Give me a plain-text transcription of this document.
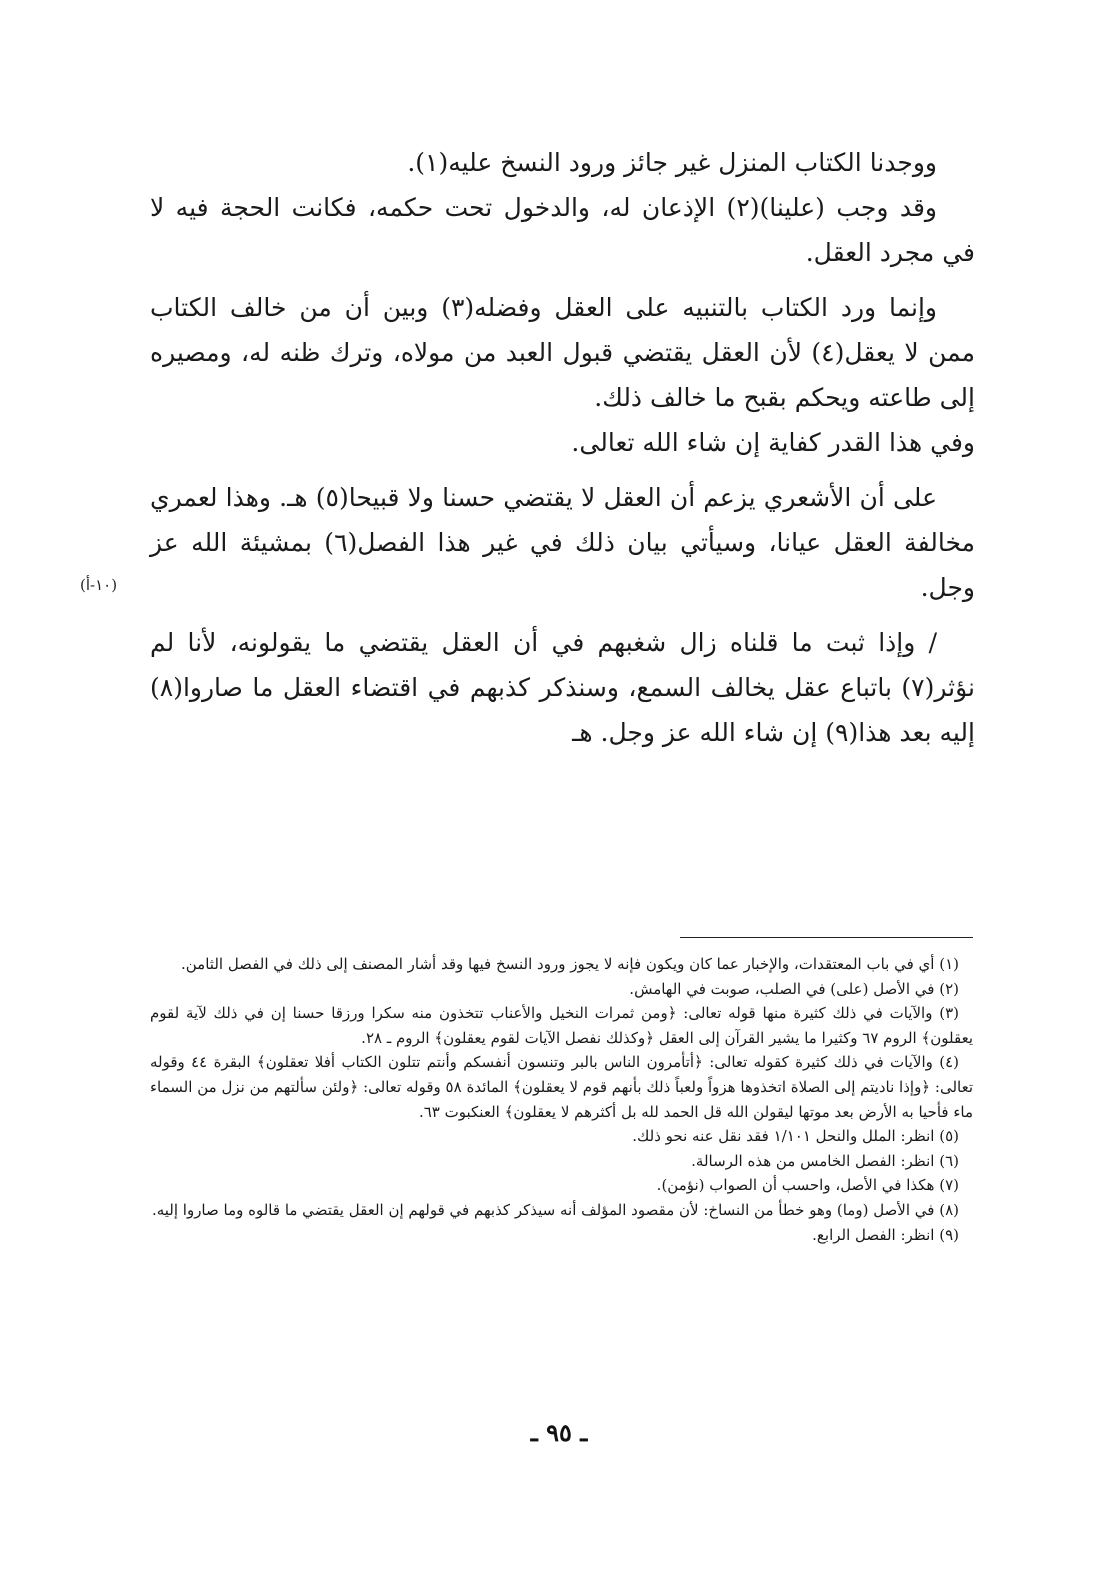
ووجدنا الكتاب المنزل غير جائز ورود النسخ عليه(١).

وقد وجب (علينا)(٢) الإذعان له، والدخول تحت حكمه، فكانت الحجة فيه لا في مجرد العقل.

وإنما ورد الكتاب بالتنبيه على العقل وفضله(٣) وبين أن من خالف الكتاب ممن لا يعقل(٤) لأن العقل يقتضي قبول العبد من مولاه، وترك ظنه له، ومصيره إلى طاعته ويحكم بقبح ما خالف ذلك.

وفي هذا القدر كفاية إن شاء الله تعالى.

على أن الأشعري يزعم أن العقل لا يقتضي حسنا ولا قبيحا(٥) هـ. وهذا لعمري مخالفة العقل عيانا، وسيأتي بيان ذلك في غير هذا الفصل(٦) بمشيئة الله عز وجل.

/ وإذا ثبت ما قلناه زال شغبهم في أن العقل يقتضي ما يقولونه، لأنا لم نؤثر(٧) باتباع عقل يخالف السمع، وسنذكر كذبهم في اقتضاء العقل ما صاروا(٨) إليه بعد هذا(٩) إن شاء الله عز وجل. هـ

(١٠-أ)

(١) أي في باب المعتقدات، والإخبار عما كان ويكون فإنه لا يجوز ورود النسخ فيها وقد أشار المصنف إلى ذلك في الفصل الثامن.

(٢) في الأصل (على) في الصلب، صوبت في الهامش.

(٣) والآيات في ذلك كثيرة منها قوله تعالى: ﴿ومن ثمرات النخيل والأعناب تتخذون منه سكرا ورزقا حسنا إن في ذلك لآية لقوم يعقلون﴾ الروم ٦٧ وكثيرا ما يشير القرآن إلى العقل ﴿وكذلك نفصل الآيات لقوم يعقلون﴾ الروم ـ ٢٨.

(٤) والآيات في ذلك كثيرة كقوله تعالى: ﴿أتأمرون الناس بالبر وتنسون أنفسكم وأنتم تتلون الكتاب أفلا تعقلون﴾ البقرة ٤٤ وقوله تعالى: ﴿وإذا ناديتم إلى الصلاة اتخذوها هزواً ولعباً ذلك بأنهم قوم لا يعقلون﴾ المائدة ٥٨ وقوله تعالى: ﴿ولئن سألتهم من نزل من السماء ماء فأحيا به الأرض بعد موتها ليقولن الله قل الحمد لله بل أكثرهم لا يعقلون﴾ العنكبوت ٦٣.

(٥) انظر: الملل والنحل ١/١٠١ فقد نقل عنه نحو ذلك.

(٦) انظر: الفصل الخامس من هذه الرسالة.

(٧) هكذا في الأصل، واحسب أن الصواب (نؤمن).

(٨) في الأصل (وما) وهو خطأ من النساخ: لأن مقصود المؤلف أنه سيذكر كذبهم في قولهم إن العقل يقتضي ما قالوه وما صاروا إليه.

(٩) انظر: الفصل الرابع.

ـ ٩٥ ـ
